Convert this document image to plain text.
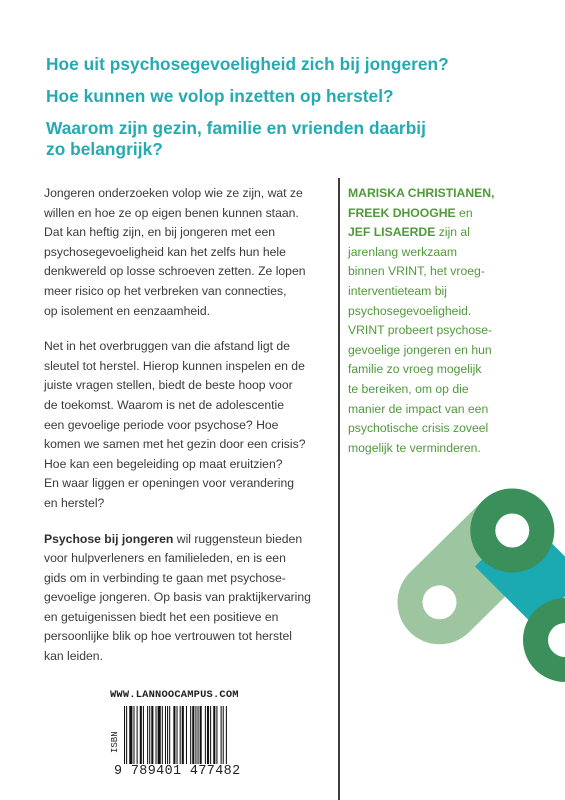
Hoe uit psychosegevoeligheid zich bij jongeren?
Hoe kunnen we volop inzetten op herstel?
Waarom zijn gezin, familie en vrienden daarbij
zo belangrijk?

Jongeren onderzoeken volop wie ze zijn, wat ze
willen en hoe ze op eigen benen kunnen staan.
Dat kan heftig zijn, en bij jongeren met een
psychosegevoeligheid kan het zelfs hun hele
denkwereld op losse schroeven zetten. Ze lopen
meer risico op het verbreken van connecties,
op isolement en eenzaamheid.

Net in het overbruggen van die afstand ligt de
sleutel tot herstel. Hierop kunnen inspelen en de
juiste vragen stellen, biedt de beste hoop voor
de toekomst. Waarom is net de adolescentie
een gevoelige periode voor psychose? Hoe
komen we samen met het gezin door een crisis?
Hoe kan een begeleiding op maat eruitzien?
En waar liggen er openingen voor verandering
en herstel?

Psychose bij jongeren wil ruggensteun bieden
voor hulpverleners en familieleden, en is een
gids om in verbinding te gaan met psychose-
gevoelige jongeren. Op basis van praktijkervaring
en getuigenissen biedt het een positieve en
persoonlijke blik op hoe vertrouwen tot herstel
kan leiden.

MARISKA CHRISTIANEN,
FREEK DHOOGHE en
JEF LISAERDE zijn al
jarenlang werkzaam
binnen VRINT, het vroeg-
interventieteam bij
psychosegevoeligheid.
VRINT probeert psychose-
gevoelige jongeren en hun
familie zo vroeg mogelijk
te bereiken, om op die
manier de impact van een
psychotische crisis zoveel
mogelijk te verminderen.
WWW.LANNOOCAMPUS.COM
ISBN
9 789401 477482
